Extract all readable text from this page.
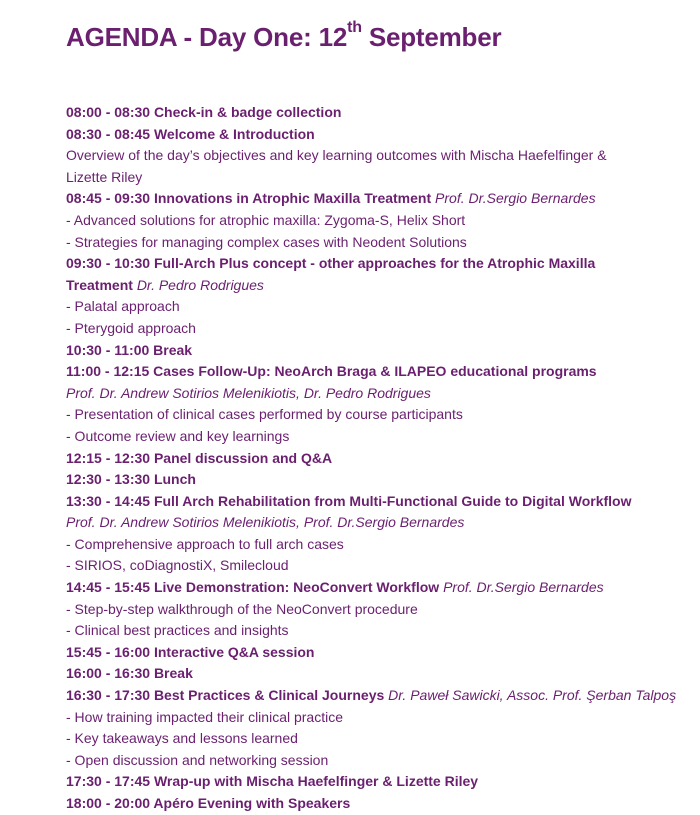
AGENDA - Day One: 12th September
08:00 - 08:30 Check-in & badge collection
08:30 - 08:45 Welcome & Introduction
Overview of the day’s objectives and key learning outcomes with Mischa Haefelfinger &
Lizette Riley
08:45 - 09:30 Innovations in Atrophic Maxilla Treatment Prof. Dr.Sergio Bernardes
- Advanced solutions for atrophic maxilla: Zygoma-S, Helix Short
- Strategies for managing complex cases with Neodent Solutions
09:30 - 10:30 Full-Arch Plus concept - other approaches for the Atrophic Maxilla
Treatment Dr. Pedro Rodrigues
- Palatal approach
- Pterygoid approach
10:30 - 11:00 Break
11:00 - 12:15 Cases Follow-Up: NeoArch Braga & ILAPEO educational programs
Prof. Dr. Andrew Sotirios Melenikiotis, Dr. Pedro Rodrigues
- Presentation of clinical cases performed by course participants
- Outcome review and key learnings
12:15 - 12:30 Panel discussion and Q&A
12:30 - 13:30 Lunch
13:30 - 14:45 Full Arch Rehabilitation from Multi-Functional Guide to Digital Workflow
Prof. Dr. Andrew Sotirios Melenikiotis, Prof. Dr.Sergio Bernardes
- Comprehensive approach to full arch cases
- SIRIOS, coDiagnostiX, Smilecloud
14:45 - 15:45 Live Demonstration: NeoConvert Workflow Prof. Dr.Sergio Bernardes
- Step-by-step walkthrough of the NeoConvert procedure
- Clinical best practices and insights
15:45 - 16:00 Interactive Q&A session
16:00 - 16:30 Break
16:30 - 17:30 Best Practices & Clinical Journeys Dr. Paweł Sawicki, Assoc. Prof. Şerban Talpoş
- How training impacted their clinical practice
- Key takeaways and lessons learned
- Open discussion and networking session
17:30 - 17:45 Wrap-up with Mischa Haefelfinger & Lizette Riley
18:00 - 20:00 Apéro Evening with Speakers
